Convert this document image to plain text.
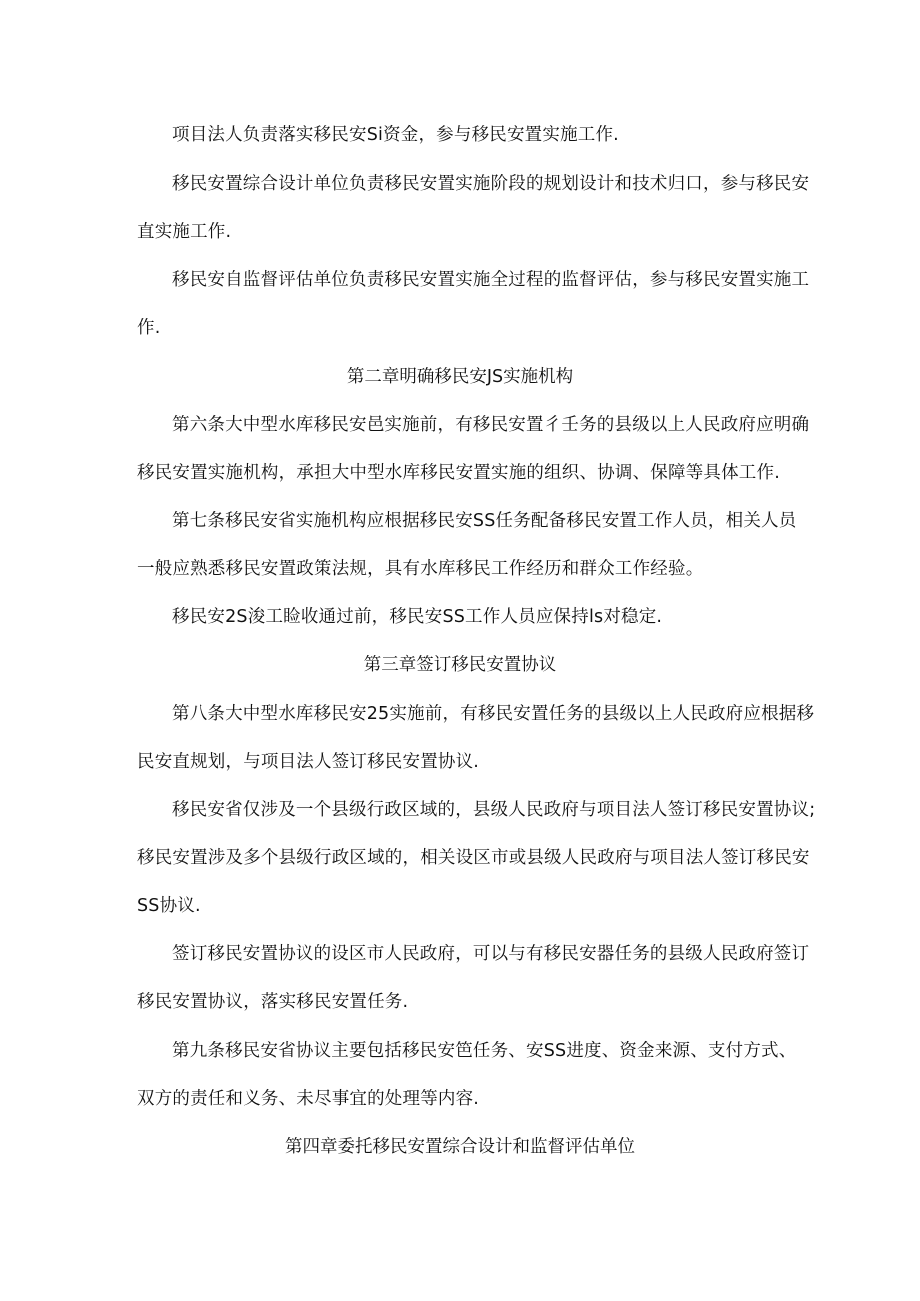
项目法人负责落实移民安Si资金，参与移民安置实施工作.
移民安置综合设计单位负责移民安置实施阶段的规划设计和技术归口，参与移民安
直实施工作.
移民安自监督评估单位负责移民安置实施全过程的监督评估，参与移民安置实施工
作.
第二章明确移民安JS实施机构
第六条大中型水库移民安邑实施前，有移民安置彳壬务的县级以上人民政府应明确
移民安置实施机构，承担大中型水库移民安置实施的组织、协调、保障等具体工作.
第七条移民安省实施机构应根据移民安SS任务配备移民安置工作人员，相关人员
一般应熟悉移民安置政策法规，具有水库移民工作经历和群众工作经验。
移民安2S浚工睑收通过前，移民安SS工作人员应保持ls对稳定.
第三章签订移民安置协议
第八条大中型水库移民安25实施前，有移民安置任务的县级以上人民政府应根据移
民安直规划，与项目法人签订移民安置协议.
移民安省仅涉及一个县级行政区域的，县级人民政府与项目法人签订移民安置协议;
移民安置涉及多个县级行政区域的，相关设区市或县级人民政府与项目法人签订移民安
SS协议.
签订移民安置协议的设区市人民政府，可以与有移民安器任务的县级人民政府签订
移民安置协议，落实移民安置任务.
第九条移民安省协议主要包括移民安笆任务、安SS进度、资金来源、支付方式、
双方的责任和义务、未尽事宜的处理等内容.
第四章委托移民安置综合设计和监督评估单位
